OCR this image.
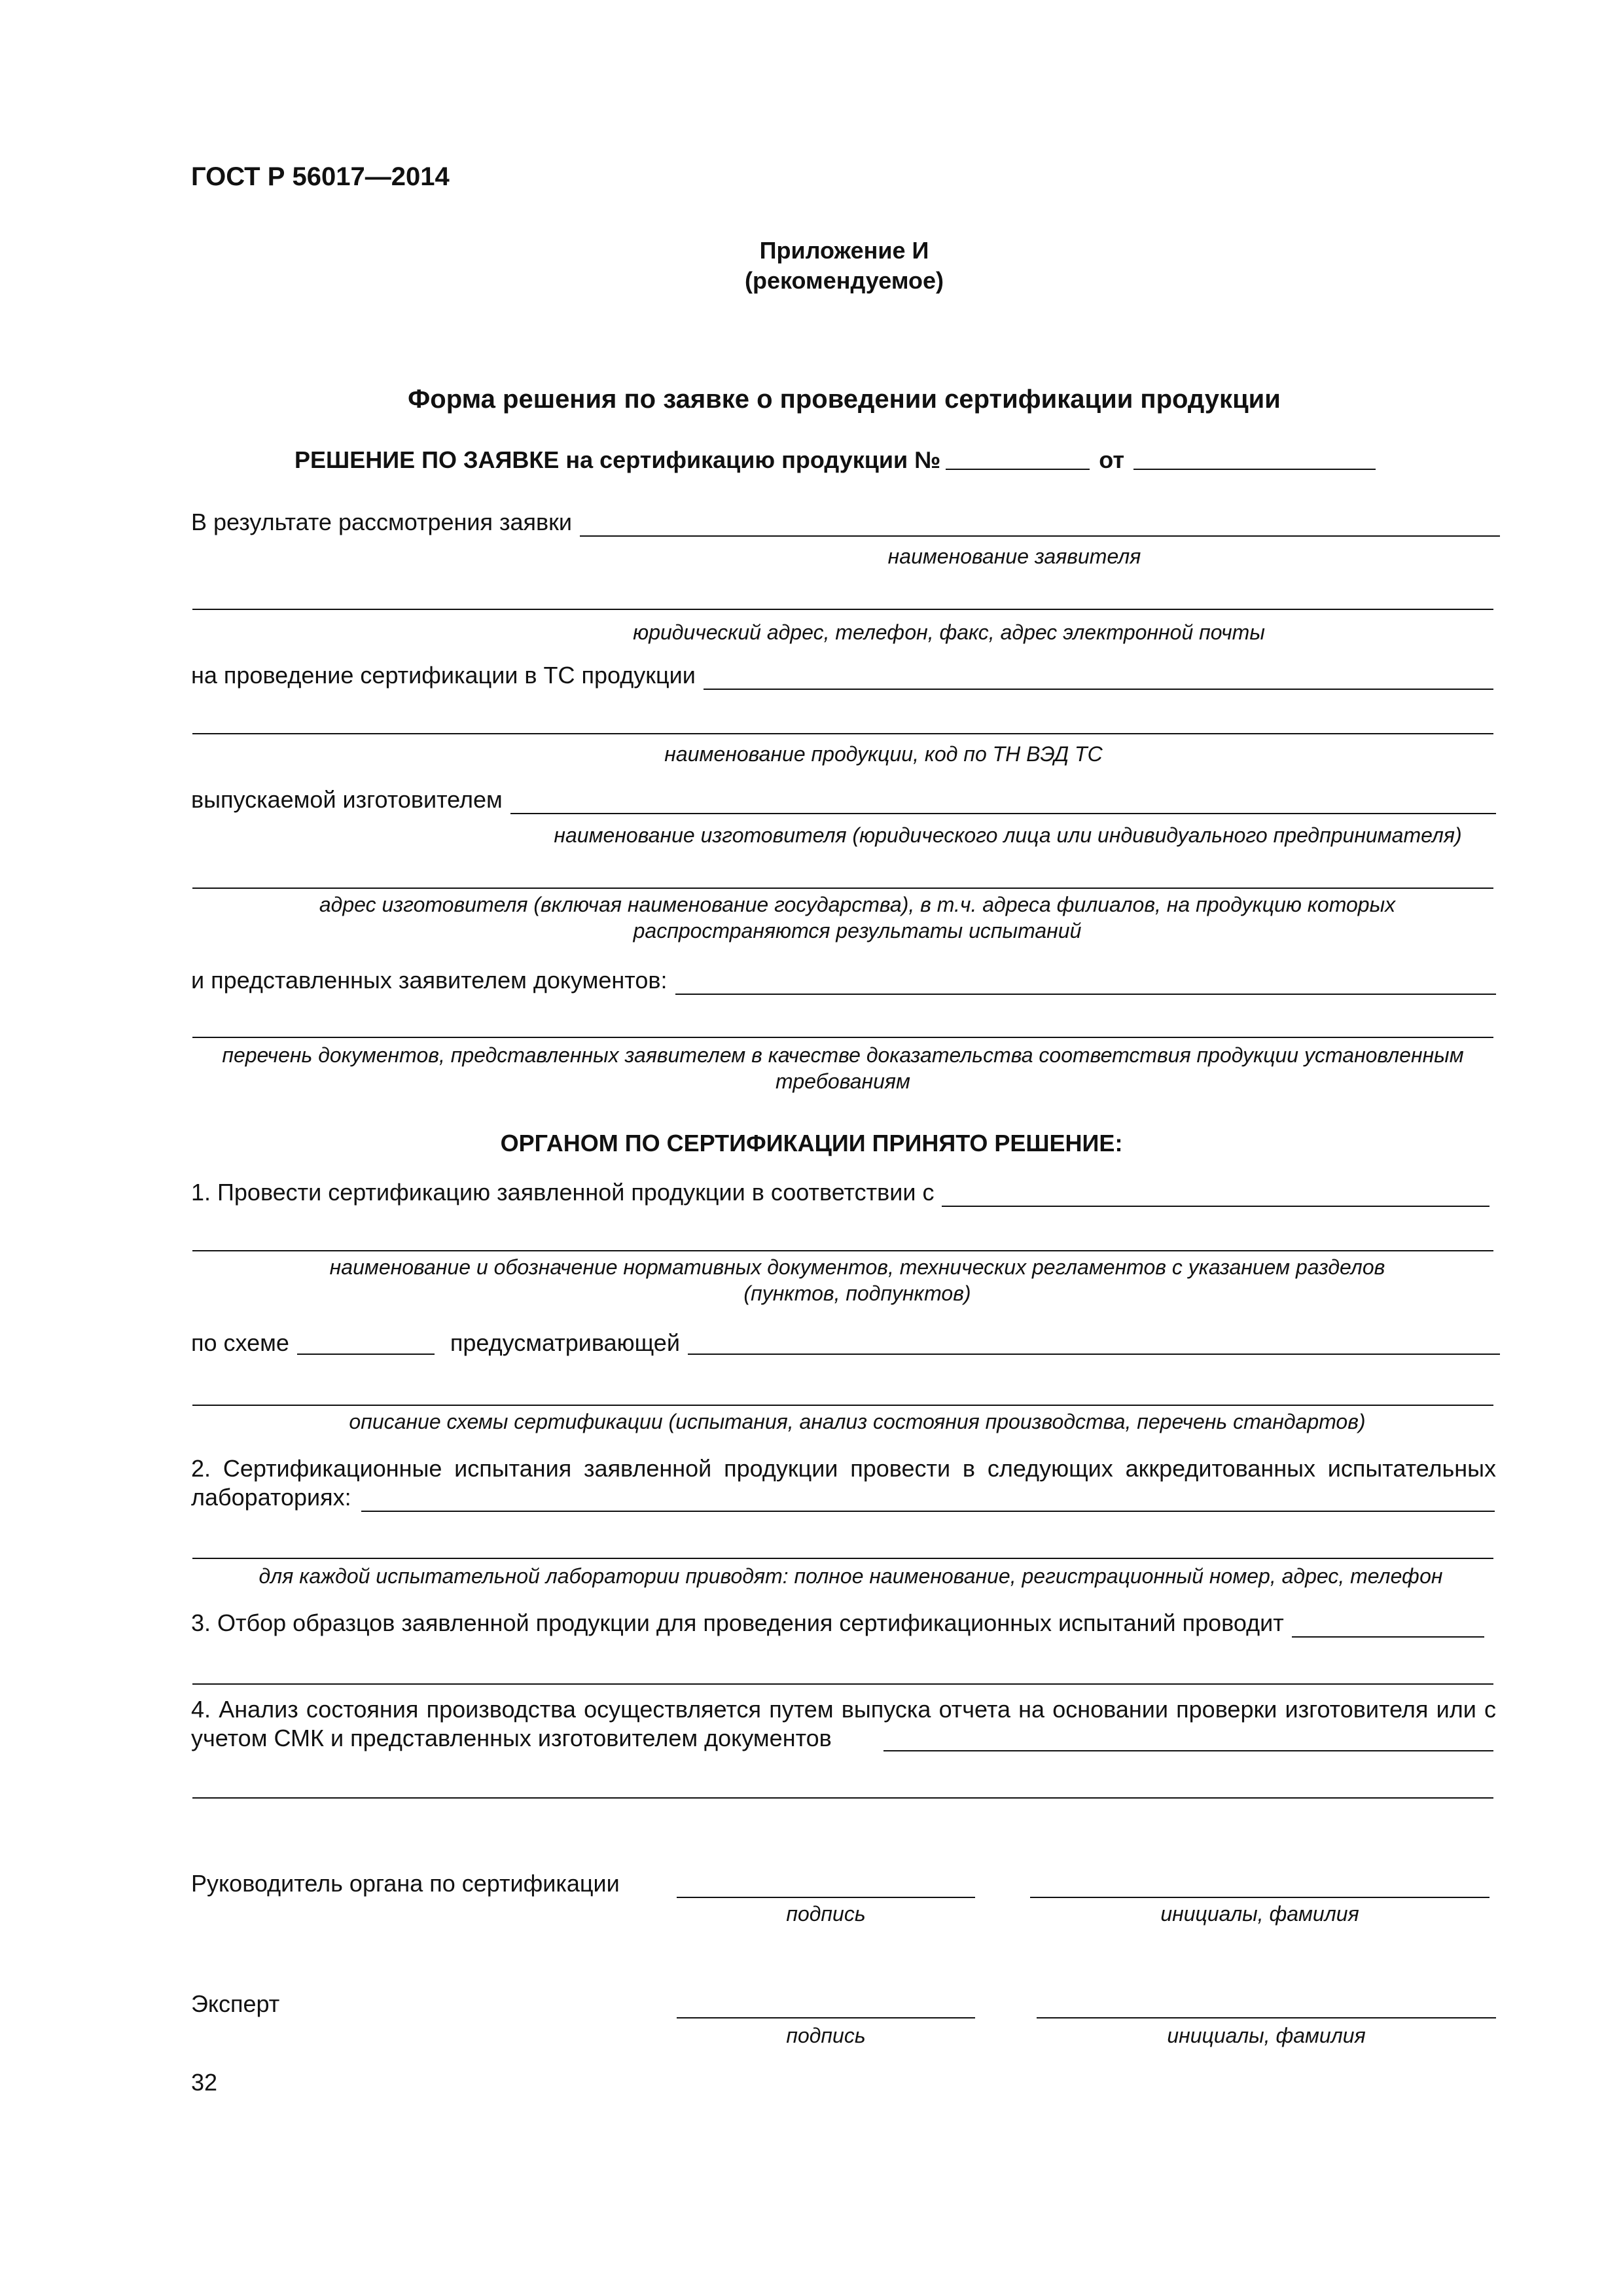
ГОСТ Р 56017—2014
Приложение И
(рекомендуемое)
Форма решения по заявке о проведении сертификации продукции
РЕШЕНИЕ ПО ЗАЯВКЕ на сертификацию продукции №	от
В результате рассмотрения заявки
наименование заявителя
юридический адрес, телефон, факс, адрес электронной почты
на проведение сертификации в ТС продукции
наименование продукции, код по ТН ВЭД ТС
выпускаемой изготовителем
наименование изготовителя (юридического лица или индивидуального предпринимателя)
адрес изготовителя (включая наименование государства), в т.ч. адреса филиалов, на продукцию которых распространяются результаты испытаний
и представленных заявителем документов:
перечень документов, представленных заявителем в качестве доказательства соответствия продукции установленным требованиям
ОРГАНОМ ПО СЕРТИФИКАЦИИ ПРИНЯТО РЕШЕНИЕ:
1. Провести сертификацию заявленной продукции в соответствии с
наименование и обозначение нормативных документов, технических регламентов с указанием разделов (пунктов, подпунктов)
по схеме	предусматривающей
описание схемы сертификации (испытания, анализ состояния производства, перечень стандартов)
2. Сертификационные испытания заявленной продукции провести в следующих аккредитованных испытательных лабораториях:
для каждой испытательной лаборатории приводят: полное наименование, регистрационный номер, адрес, телефон
3. Отбор образцов заявленной продукции для проведения сертификационных испытаний проводит
4. Анализ состояния производства осуществляется путем выпуска отчета на основании проверки изготовителя или с учетом СМК и представленных изготовителем документов
Руководитель органа по сертификации
подпись	инициалы, фамилия
Эксперт
подпись	инициалы, фамилия
32
